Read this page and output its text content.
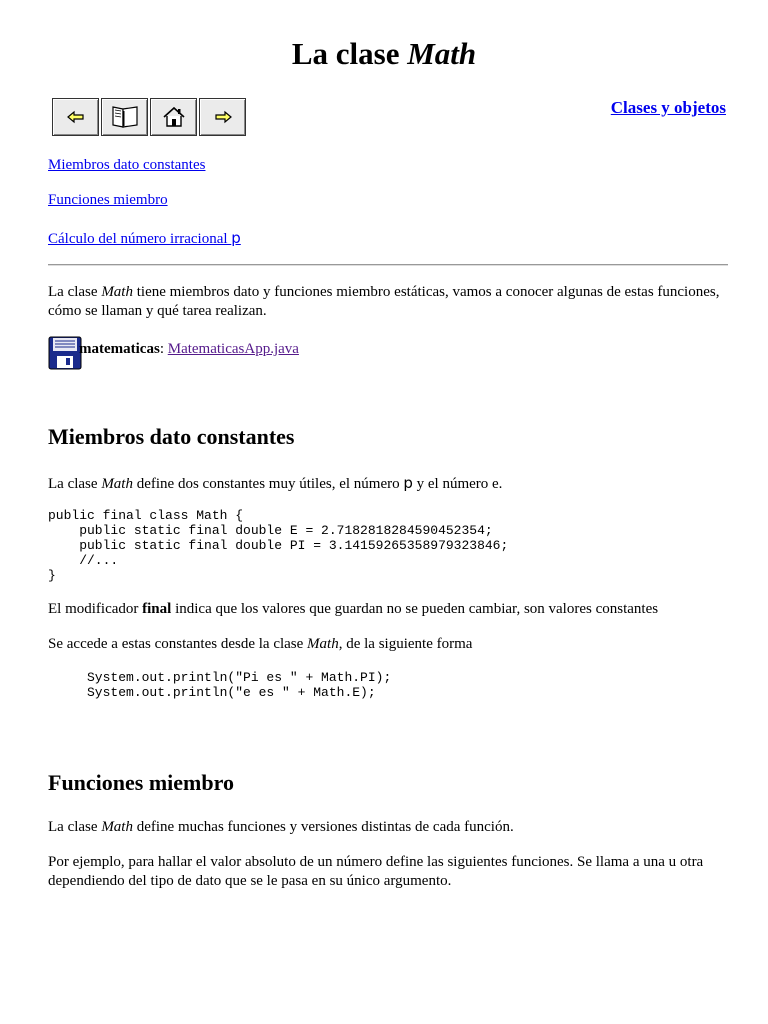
La clase Math
Clases y objetos
Miembros dato constantes
Funciones miembro
Cálculo del número irracional p

La clase Math tiene miembros dato y funciones miembro estáticas, vamos a conocer algunas de estas funciones, cómo se llaman y qué tarea realizan.

matematicas: MatematicasApp.java
Miembros dato constantes

La clase Math define dos constantes muy útiles, el número p y el número e.

public final class Math {
public static final double E = 2.7182818284590452354;
public static final double PI = 3.14159265358979323846;
//...
}

El modificador final indica que los valores que guardan no se pueden cambiar, son valores constantes

Se accede a estas constantes desde la clase Math, de la siguiente forma

System.out.println("Pi es " + Math.PI);
System.out.println("e es " + Math.E);
Funciones miembro

La clase Math define muchas funciones y versiones distintas de cada función.

Por ejemplo, para hallar el valor absoluto de un número define las siguientes funciones. Se llama a una u otra dependiendo del tipo de dato que se le pasa en su único argumento.
